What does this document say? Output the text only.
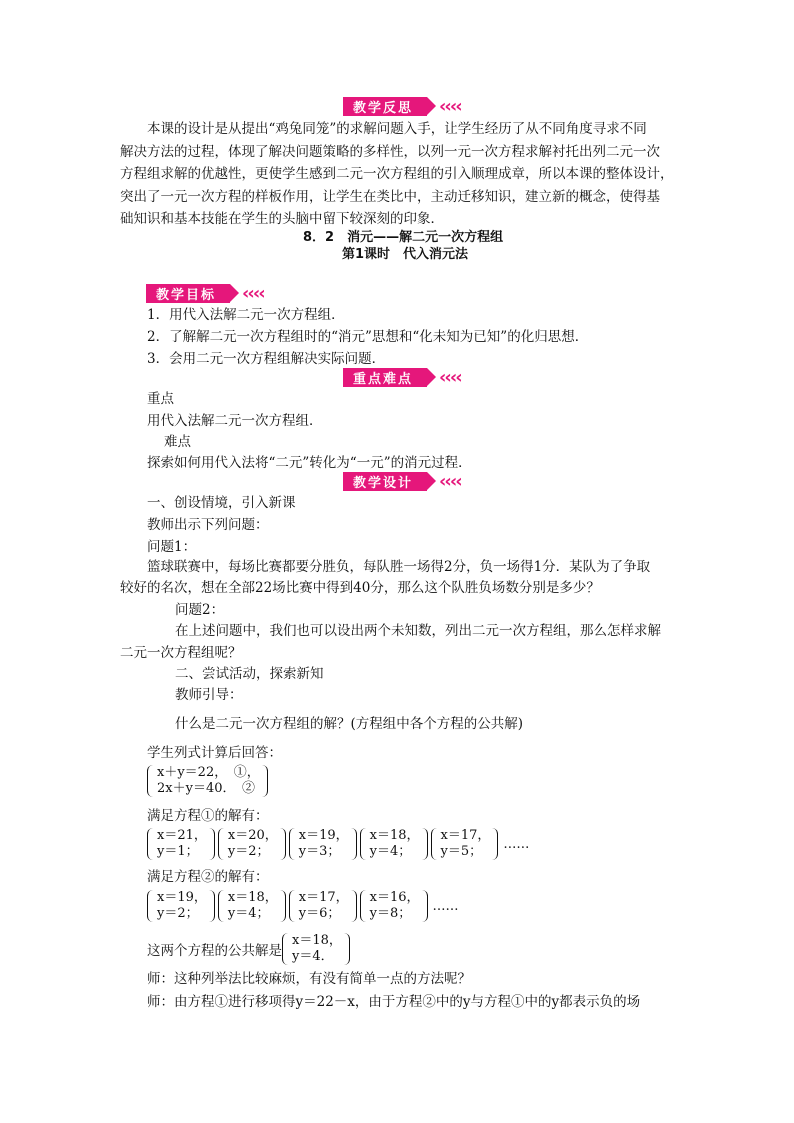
教学反思	‹‹‹‹
本课的设计是从提出“鸡兔同笼”的求解问题入手，让学生经历了从不同角度寻求不同
解决方法的过程，体现了解决问题策略的多样性，以列一元一次方程求解衬托出列二元一次
方程组求解的优越性，更使学生感到二元一次方程组的引入顺理成章，所以本课的整体设计，
突出了一元一次方程的样板作用，让学生在类比中，主动迁移知识，建立新的概念，使得基
础知识和基本技能在学生的头脑中留下较深刻的印象．
8．2　消元——解二元一次方程组
第1课时　代入消元法
教学目标	‹‹‹‹
1．用代入法解二元一次方程组．
2．了解解二元一次方程组时的“消元”思想和“化未知为已知”的化归思想．
3．会用二元一次方程组解决实际问题．
重点难点	‹‹‹‹
重点
用代入法解二元一次方程组．
难点
探索如何用代入法将“二元”转化为“一元”的消元过程．
教学设计	‹‹‹‹
一、创设情境，引入新课
教师出示下列问题：
问题1：
篮球联赛中，每场比赛都要分胜负，每队胜一场得2分，负一场得1分．某队为了争取
较好的名次，想在全部22场比赛中得到40分，那么这个队胜负场数分别是多少？
问题2：
在上述问题中，我们也可以设出两个未知数，列出二元一次方程组，那么怎样求解
二元一次方程组呢？
二、尝试活动，探索新知
教师引导：
什么是二元一次方程组的解？(方程组中各个方程的公共解)
学生列式计算后回答：
x＋y＝22，　①，
2x＋y＝40．　②
满足方程①的解有：
x＝21，
y＝1；
x＝20，
y＝2；
x＝19，
y＝3；
x＝18，
y＝4；
x＝17，
y＝5；	……
满足方程②的解有：
x＝19，
y＝2；
x＝18，
y＝4；
x＝17，
y＝6；
x＝16，
y＝8；	……
这两个方程的公共解是
x＝18，
y＝4．
师：这种列举法比较麻烦，有没有简单一点的方法呢？
师：由方程①进行移项得y＝22－x，由于方程②中的y与方程①中的y都表示负的场
